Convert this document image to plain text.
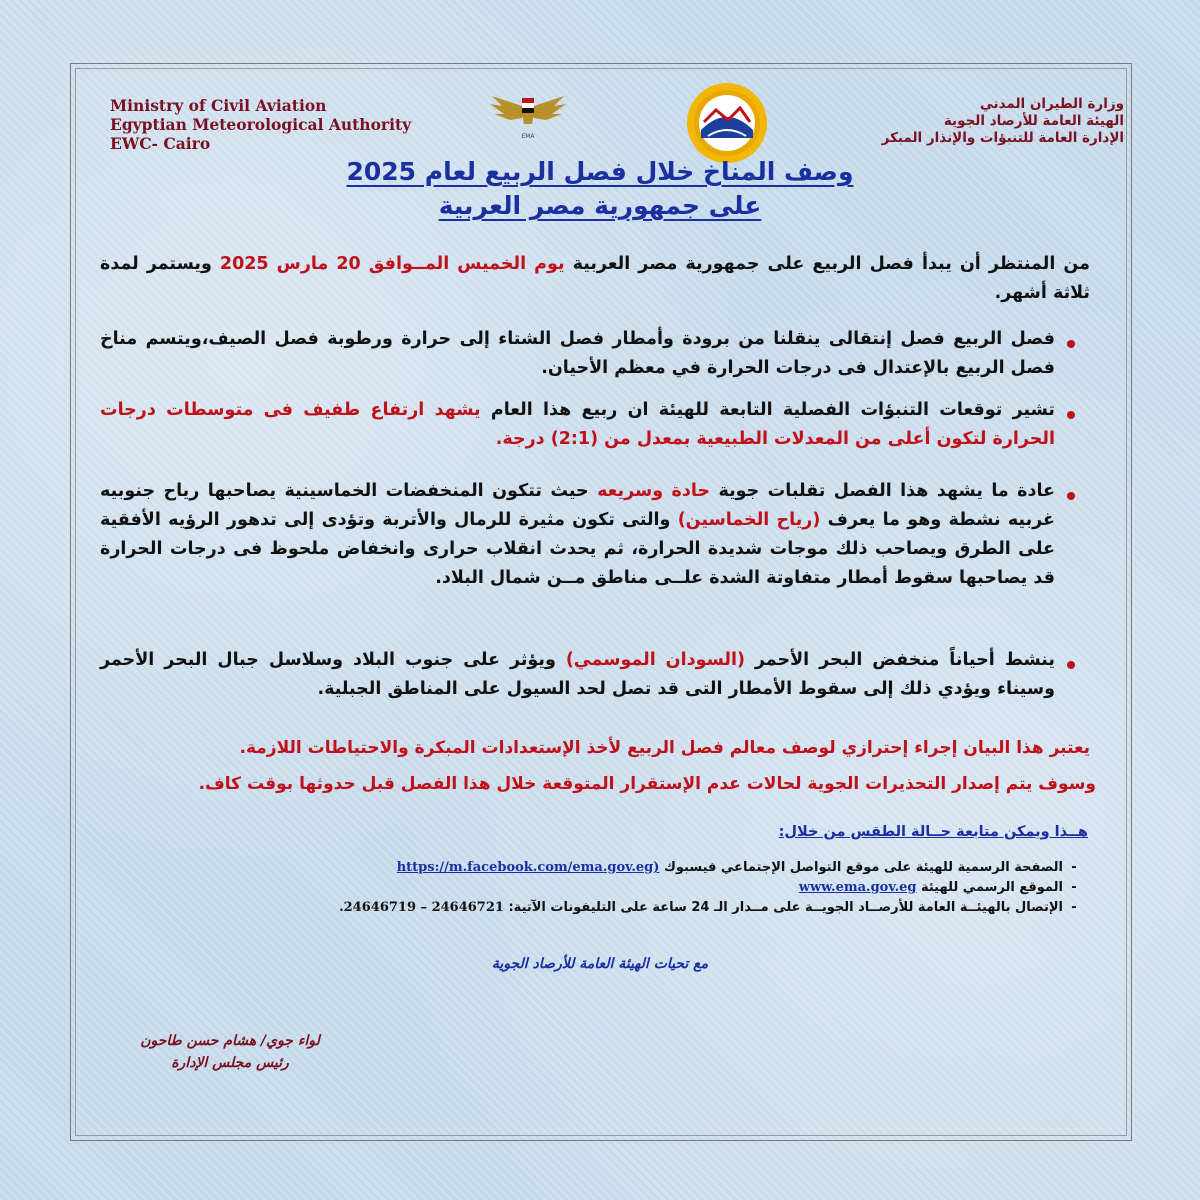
Ministry of Civil Aviation
Egyptian Meteorological Authority
EWC- Cairo	EMA
وزارة الطيران المدني
الهيئة العامة للأرصاد الجوية
الإدارة العامة للتنبؤات والإنذار المبكر
وصف المناخ خلال فصل الربيع لعام 2025
على جمهورية مصر العربية
من المنتظر أن يبدأ فصل الربيع على جمهورية مصر العربية يوم الخميس المــوافق 20 مارس 2025 ويستمر لمدة ثلاثة أشهر.
فصل الربيع فصل إنتقالى ينقلنا من برودة وأمطار فصل الشتاء إلى حرارة ورطوبة فصل الصيف،ويتسم مناخ فصل الربيع بالإعتدال فى درجات الحرارة في معظم الأحيان.
تشير توقعات التنبؤات الفصلية التابعة للهيئة ان ربيع هذا العام يشهد ارتفاع طفيف فى متوسطات درجات الحرارة لتكون أعلى من المعدلات الطبيعية بمعدل من (2:1) درجة.
عادة ما يشهد هذا الفصل تقلبات جوية حادة وسريعه حيث تتكون المنخفضات الخماسينية يصاحبها رياح جنوبيه غربيه نشطة وهو ما يعرف (رياح الخماسين) والتى تكون مثيرة للرمال والأتربة وتؤدى إلى تدهور الرؤيه الأفقية على الطرق ويصاحب ذلك موجات شديدة الحرارة، ثم يحدث انقلاب حرارى وانخفاض ملحوظ فى درجات الحرارة قد يصاحبها سقوط أمطار متفاوتة الشدة علــى مناطق مــن شمال البلاد.
ينشط أحياناً منخفض البحر الأحمر (السودان الموسمي) ويؤثر على جنوب البلاد وسلاسل جبال البحر الأحمر وسيناء ويؤدي ذلك إلى سقوط الأمطار التى قد تصل لحد السيول على المناطق الجبلية.
يعتبر هذا البيان إجراء إحترازي لوصف معالم فصل الربيع لأخذ الإستعدادات المبكرة والاحتياطات اللازمة.
وسوف يتم إصدار التحذيرات الجوية لحالات عدم الإستقرار المتوقعة خلال هذا الفصل قبل حدوثها بوقت كاف.
هــذا ويمكن متابعة حــالة الطقس من خلال:
-الصفحة الرسمية للهيئة على موقع التواصل الإجتماعي فيسبوك (https://m.facebook.com/ema.gov.eg
-الموقع الرسمي للهيئة www.ema.gov.eg
-الإتصال بالهيئــة العامة للأرصــاد الجويــة على مــدار الـ 24 ساعة على التليفونات الآتية: 24646721 – 24646719.
مع تحيات الهيئة العامة للأرصاد الجوية
لواء جوي/ هشام حسن طاحون
رئيس مجلس الإدارة
